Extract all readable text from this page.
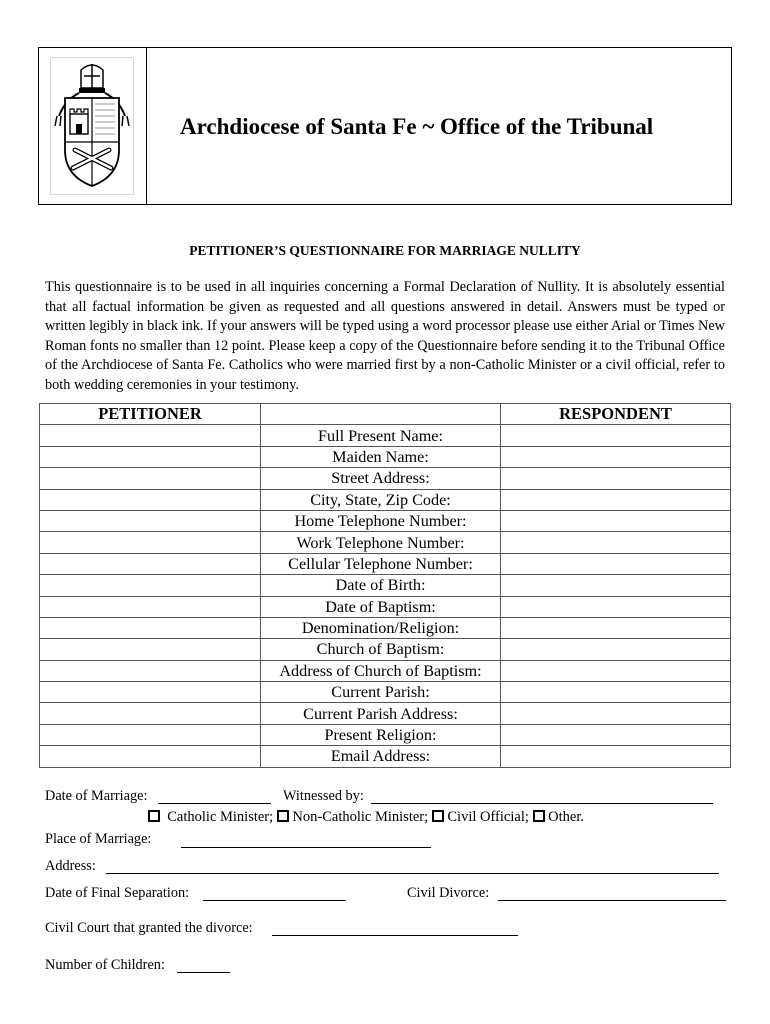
Archdiocese of Santa Fe ~ Office of the Tribunal
PETITIONER’S QUESTIONNAIRE FOR MARRIAGE NULLITY
This questionnaire is to be used in all inquiries concerning a Formal Declaration of Nullity. It is absolutely essential that all factual information be given as requested and all questions answered in detail. Answers must be typed or written legibly in black ink. If your answers will be typed using a word processor please use either Arial or Times New Roman fonts no smaller than 12 point. Please keep a copy of the Questionnaire before sending it to the Tribunal Office of the Archdiocese of Santa Fe. Catholics who were married first by a non-Catholic Minister or a civil official, refer to both wedding ceremonies in your testimony.
PETITIONER		RESPONDENT
	Full Present Name:	
	Maiden Name:	
	Street Address:	
	City, State, Zip Code:	
	Home Telephone Number:	
	Work Telephone Number:	
	Cellular Telephone Number:	
	Date of Birth:	
	Date of Baptism:	
	Denomination/Religion:	
	Church of Baptism:	
	Address of Church of Baptism:	
	Current Parish:	
	Current Parish Address:	
	Present Religion:	
	Email Address:	
Date of Marriage:	Witnessed by:
Catholic Minister; Non-Catholic Minister; Civil Official; Other.
Place of Marriage:
Address:
Date of Final Separation:	Civil Divorce:
Civil Court that granted the divorce:
Number of Children:
